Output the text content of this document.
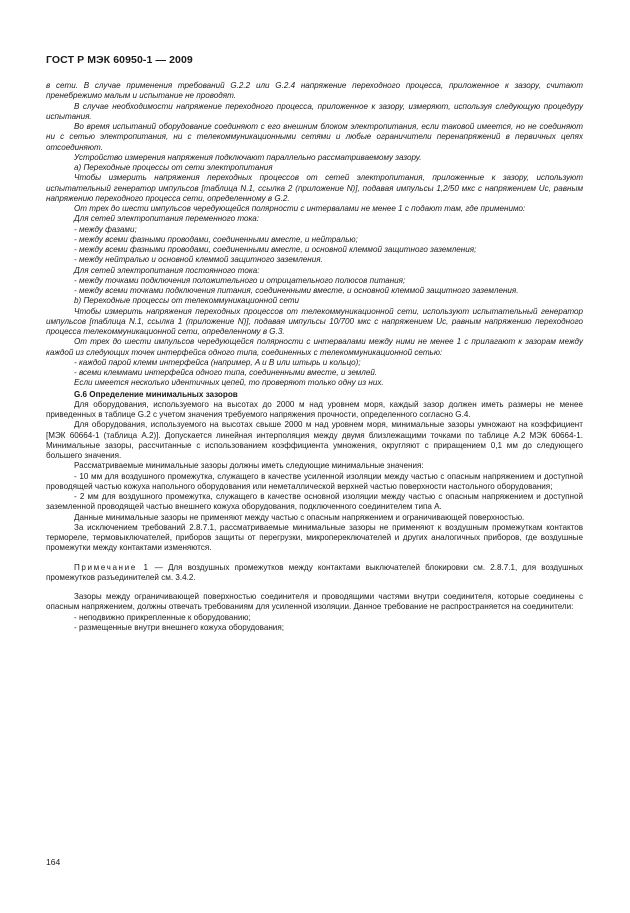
ГОСТ Р МЭК 60950-1 — 2009

в сети. В случае применения требований G.2.2 или G.2.4 напряжение переходного процесса, приложенное к зазору, считают пренебрежимо малым и испытание не проводят.

В случае необходимости напряжение переходного процесса, приложенное к зазору, измеряют, используя следующую процедуру испытания.

Во время испытаний оборудование соединяют с его внешним блоком электропитания, если таковой имеется, но не соединяют ни с сетью электропитания, ни с телекоммуникационными сетями и любые ограничители перенапряжений в первичных цепях отсоединяют.

Устройство измерения напряжения подключают параллельно рассматриваемому зазору.

a) Переходные процессы от сети электропитания

Чтобы измерить напряжения переходных процессов от сетей электропитания, приложенные к зазору, используют испытательный генератор импульсов [таблица N.1, ссылка 2 (приложение N)], подавая импульсы 1,2/50 мкс с напряжением Uс, равным напряжению переходного процесса сети, определенному в G.2.

От трех до шести импульсов чередующейся полярности с интервалами не менее 1 с подают там, где применимо:

Для сетей электропитания переменного тока:

- между фазами;

- между всеми фазными проводами, соединенными вместе, и нейтралью;

- между всеми фазными проводами, соединенными вместе, и основной клеммой защитного заземления;

- между нейтралью и основной клеммой защитного заземления.

Для сетей электропитания постоянного тока:

- между точками подключения положительного и отрицательного полюсов питания;

- между всеми точками подключения питания, соединенными вместе, и основной клеммой защитного заземления.

b) Переходные процессы от телекоммуникационной сети

Чтобы измерить напряжения переходных процессов от телекоммуникационной сети, используют испытательный генератор импульсов [таблица N.1, ссылка 1 (приложение N)], подавая импульсы 10/700 мкс с напряжением Uс, равным напряжению переходного процесса телекоммуникационной сети, определенному в G.3.

От трех до шести импульсов чередующейся полярности с интервалами между ними не менее 1 с прилагают к зазорам между каждой из следующих точек интерфейса одного типа, соединенных с телекоммуникационной сетью:

- каждой парой клемм интерфейса (например, A и B или штырь и кольцо);

- всеми клеммами интерфейса одного типа, соединенными вместе, и землей.

Если имеется несколько идентичных цепей, то проверяют только одну из них.

G.6 Определение минимальных зазоров

Для оборудования, используемого на высотах до 2000 м над уровнем моря, каждый зазор должен иметь размеры не менее приведенных в таблице G.2 с учетом значения требуемого напряжения прочности, определенного согласно G.4.

Для оборудования, используемого на высотах свыше 2000 м над уровнем моря, минимальные зазоры умножают на коэффициент [МЭК 60664-1 (таблица A.2)]. Допускается линейная интерполяция между двумя близлежащими точками по таблице A.2 МЭК 60664-1. Минимальные зазоры, рассчитанные с использованием коэффициента умножения, округляют с приращением 0,1 мм до следующего большего значения.

Рассматриваемые минимальные зазоры должны иметь следующие минимальные значения:

- 10 мм для воздушного промежутка, служащего в качестве усиленной изоляции между частью с опасным напряжением и доступной проводящей частью кожуха напольного оборудования или неметаллической верхней частью поверхности настольного оборудования;

- 2 мм для воздушного промежутка, служащего в качестве основной изоляции между частью с опасным напряжением и доступной заземленной проводящей частью внешнего кожуха оборудования, подключенного соединителем типа A.

Данные минимальные зазоры не применяют между частью с опасным напряжением и ограничивающей поверхностью.

За исключением требований 2.8.7.1, рассматриваемые минимальные зазоры не применяют к воздушным промежуткам контактов терморелe, термовыключателей, приборов защиты от перегрузки, микропереключателей и других аналогичных приборов, где воздушные промежутки между контактами изменяются.

Примечание 1 — Для воздушных промежутков между контактами выключателей блокировки см. 2.8.7.1, для воздушных промежутков разъединителей см. 3.4.2.

Зазоры между ограничивающей поверхностью соединителя и проводящими частями внутри соединителя, которые соединены с опасным напряжением, должны отвечать требованиям для усиленной изоляции. Данное требование не распространяется на соединители:

- неподвижно прикрепленные к оборудованию;

- размещенные внутри внешнего кожуха оборудования;

164
